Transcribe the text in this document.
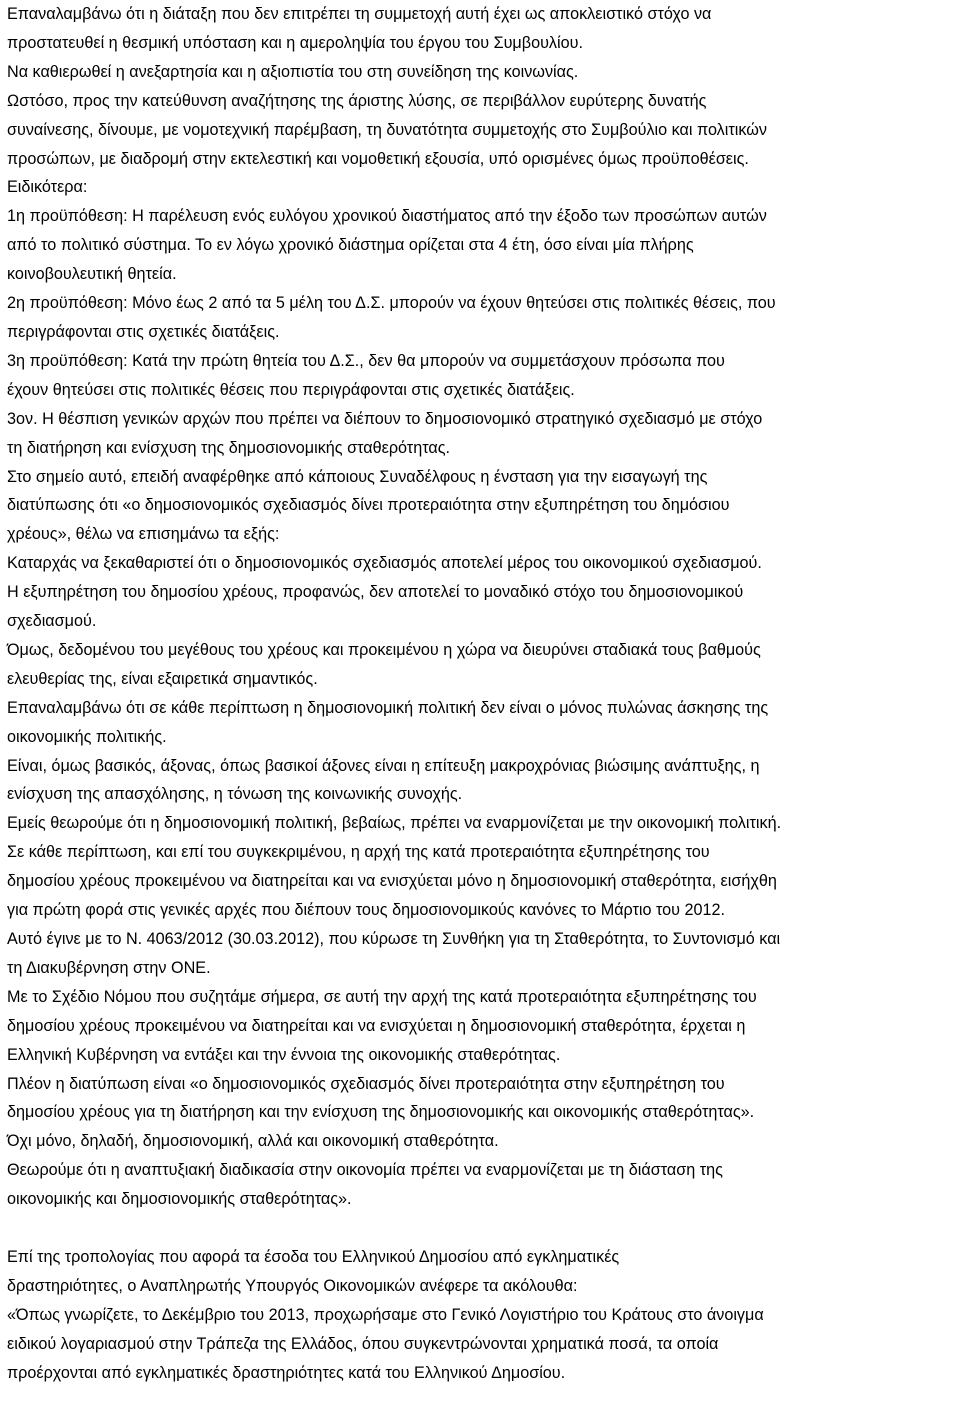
Επαναλαμβάνω ότι η διάταξη που δεν επιτρέπει τη συμμετοχή αυτή έχει ως αποκλειστικό στόχο να
προστατευθεί η θεσμική υπόσταση και η αμεροληψία του έργου του Συμβουλίου.

Να καθιερωθεί η ανεξαρτησία και η αξιοπιστία του στη συνείδηση της κοινωνίας.

Ωστόσο, προς την κατεύθυνση αναζήτησης της άριστης λύσης, σε περιβάλλον ευρύτερης δυνατής
συναίνεσης, δίνουμε, με νομοτεχνική παρέμβαση, τη δυνατότητα συμμετοχής στο Συμβούλιο και πολιτικών
προσώπων, με διαδρομή στην εκτελεστική και νομοθετική εξουσία, υπό ορισμένες όμως προϋποθέσεις.

Ειδικότερα:

1η προϋπόθεση: Η παρέλευση ενός ευλόγου χρονικού διαστήματος από την έξοδο των προσώπων αυτών
από το πολιτικό σύστημα. Το εν λόγω χρονικό διάστημα ορίζεται στα 4 έτη, όσο είναι μία πλήρης
κοινοβουλευτική θητεία.

2η προϋπόθεση: Μόνο έως 2 από τα 5 μέλη του Δ.Σ. μπορούν να έχουν θητεύσει στις πολιτικές θέσεις, που
περιγράφονται στις σχετικές διατάξεις.

3η προϋπόθεση: Κατά την πρώτη θητεία του Δ.Σ., δεν θα μπορούν να συμμετάσχουν πρόσωπα που
έχουν θητεύσει στις πολιτικές θέσεις που περιγράφονται στις σχετικές διατάξεις.

3ον. Η θέσπιση γενικών αρχών που πρέπει να διέπουν το δημοσιονομικό στρατηγικό σχεδιασμό με στόχο
τη διατήρηση και ενίσχυση της δημοσιονομικής σταθερότητας.

Στο σημείο αυτό, επειδή αναφέρθηκε από κάποιους Συναδέλφους η ένσταση για την εισαγωγή της
διατύπωσης ότι «ο δημοσιονομικός σχεδιασμός δίνει προτεραιότητα στην εξυπηρέτηση του δημόσιου
χρέους», θέλω να επισημάνω τα εξής:

Καταρχάς να ξεκαθαριστεί ότι ο δημοσιονομικός σχεδιασμός αποτελεί μέρος του οικονομικού σχεδιασμού.

Η εξυπηρέτηση του δημοσίου χρέους, προφανώς, δεν αποτελεί το μοναδικό στόχο του δημοσιονομικού
σχεδιασμού.

Όμως, δεδομένου του μεγέθους του χρέους και προκειμένου η χώρα να διευρύνει σταδιακά τους βαθμούς
ελευθερίας της, είναι εξαιρετικά σημαντικός.

Επαναλαμβάνω ότι σε κάθε περίπτωση η δημοσιονομική πολιτική δεν είναι ο μόνος πυλώνας άσκησης της
οικονομικής πολιτικής.

Είναι, όμως βασικός, άξονας, όπως βασικοί άξονες είναι η επίτευξη μακροχρόνιας βιώσιμης ανάπτυξης, η
ενίσχυση της απασχόλησης, η τόνωση της κοινωνικής συνοχής.

Εμείς θεωρούμε ότι η δημοσιονομική πολιτική, βεβαίως, πρέπει να εναρμονίζεται με την οικονομική πολιτική.

Σε κάθε περίπτωση, και επί του συγκεκριμένου, η αρχή της κατά προτεραιότητα εξυπηρέτησης του
δημοσίου χρέους προκειμένου να διατηρείται και να ενισχύεται μόνο η δημοσιονομική σταθερότητα, εισήχθη
για πρώτη φορά στις γενικές αρχές που διέπουν τους δημοσιονομικούς κανόνες το Μάρτιο του 2012.

Αυτό έγινε με το Ν. 4063/2012 (30.03.2012), που κύρωσε τη Συνθήκη για τη Σταθερότητα, το Συντονισμό και
τη Διακυβέρνηση στην ΟΝΕ.

Με το Σχέδιο Νόμου που συζητάμε σήμερα, σε αυτή την αρχή της κατά προτεραιότητα εξυπηρέτησης του
δημοσίου χρέους προκειμένου να διατηρείται και να ενισχύεται η δημοσιονομική σταθερότητα, έρχεται η
Ελληνική Κυβέρνηση να εντάξει και την έννοια της οικονομικής σταθερότητας.

Πλέον η διατύπωση είναι «ο δημοσιονομικός σχεδιασμός δίνει προτεραιότητα στην εξυπηρέτηση του
δημοσίου χρέους για τη διατήρηση και την ενίσχυση της δημοσιονομικής και οικονομικής σταθερότητας».

Όχι μόνο, δηλαδή, δημοσιονομική, αλλά και οικονομική σταθερότητα.

Θεωρούμε ότι η αναπτυξιακή διαδικασία στην οικονομία πρέπει να εναρμονίζεται με τη διάσταση της
οικονομικής και δημοσιονομικής σταθερότητας».

Επί της τροπολογίας που αφορά τα έσοδα του Ελληνικού Δημοσίου από εγκληματικές
δραστηριότητες, ο Αναπληρωτής Υπουργός Οικονομικών ανέφερε τα ακόλουθα:

«Όπως γνωρίζετε, το Δεκέμβριο του 2013, προχωρήσαμε στο Γενικό Λογιστήριο του Κράτους στο άνοιγμα
ειδικού λογαριασμού στην Τράπεζα της Ελλάδος, όπου συγκεντρώνονται χρηματικά ποσά, τα οποία
προέρχονται από εγκληματικές δραστηριότητες κατά του Ελληνικού Δημοσίου.
